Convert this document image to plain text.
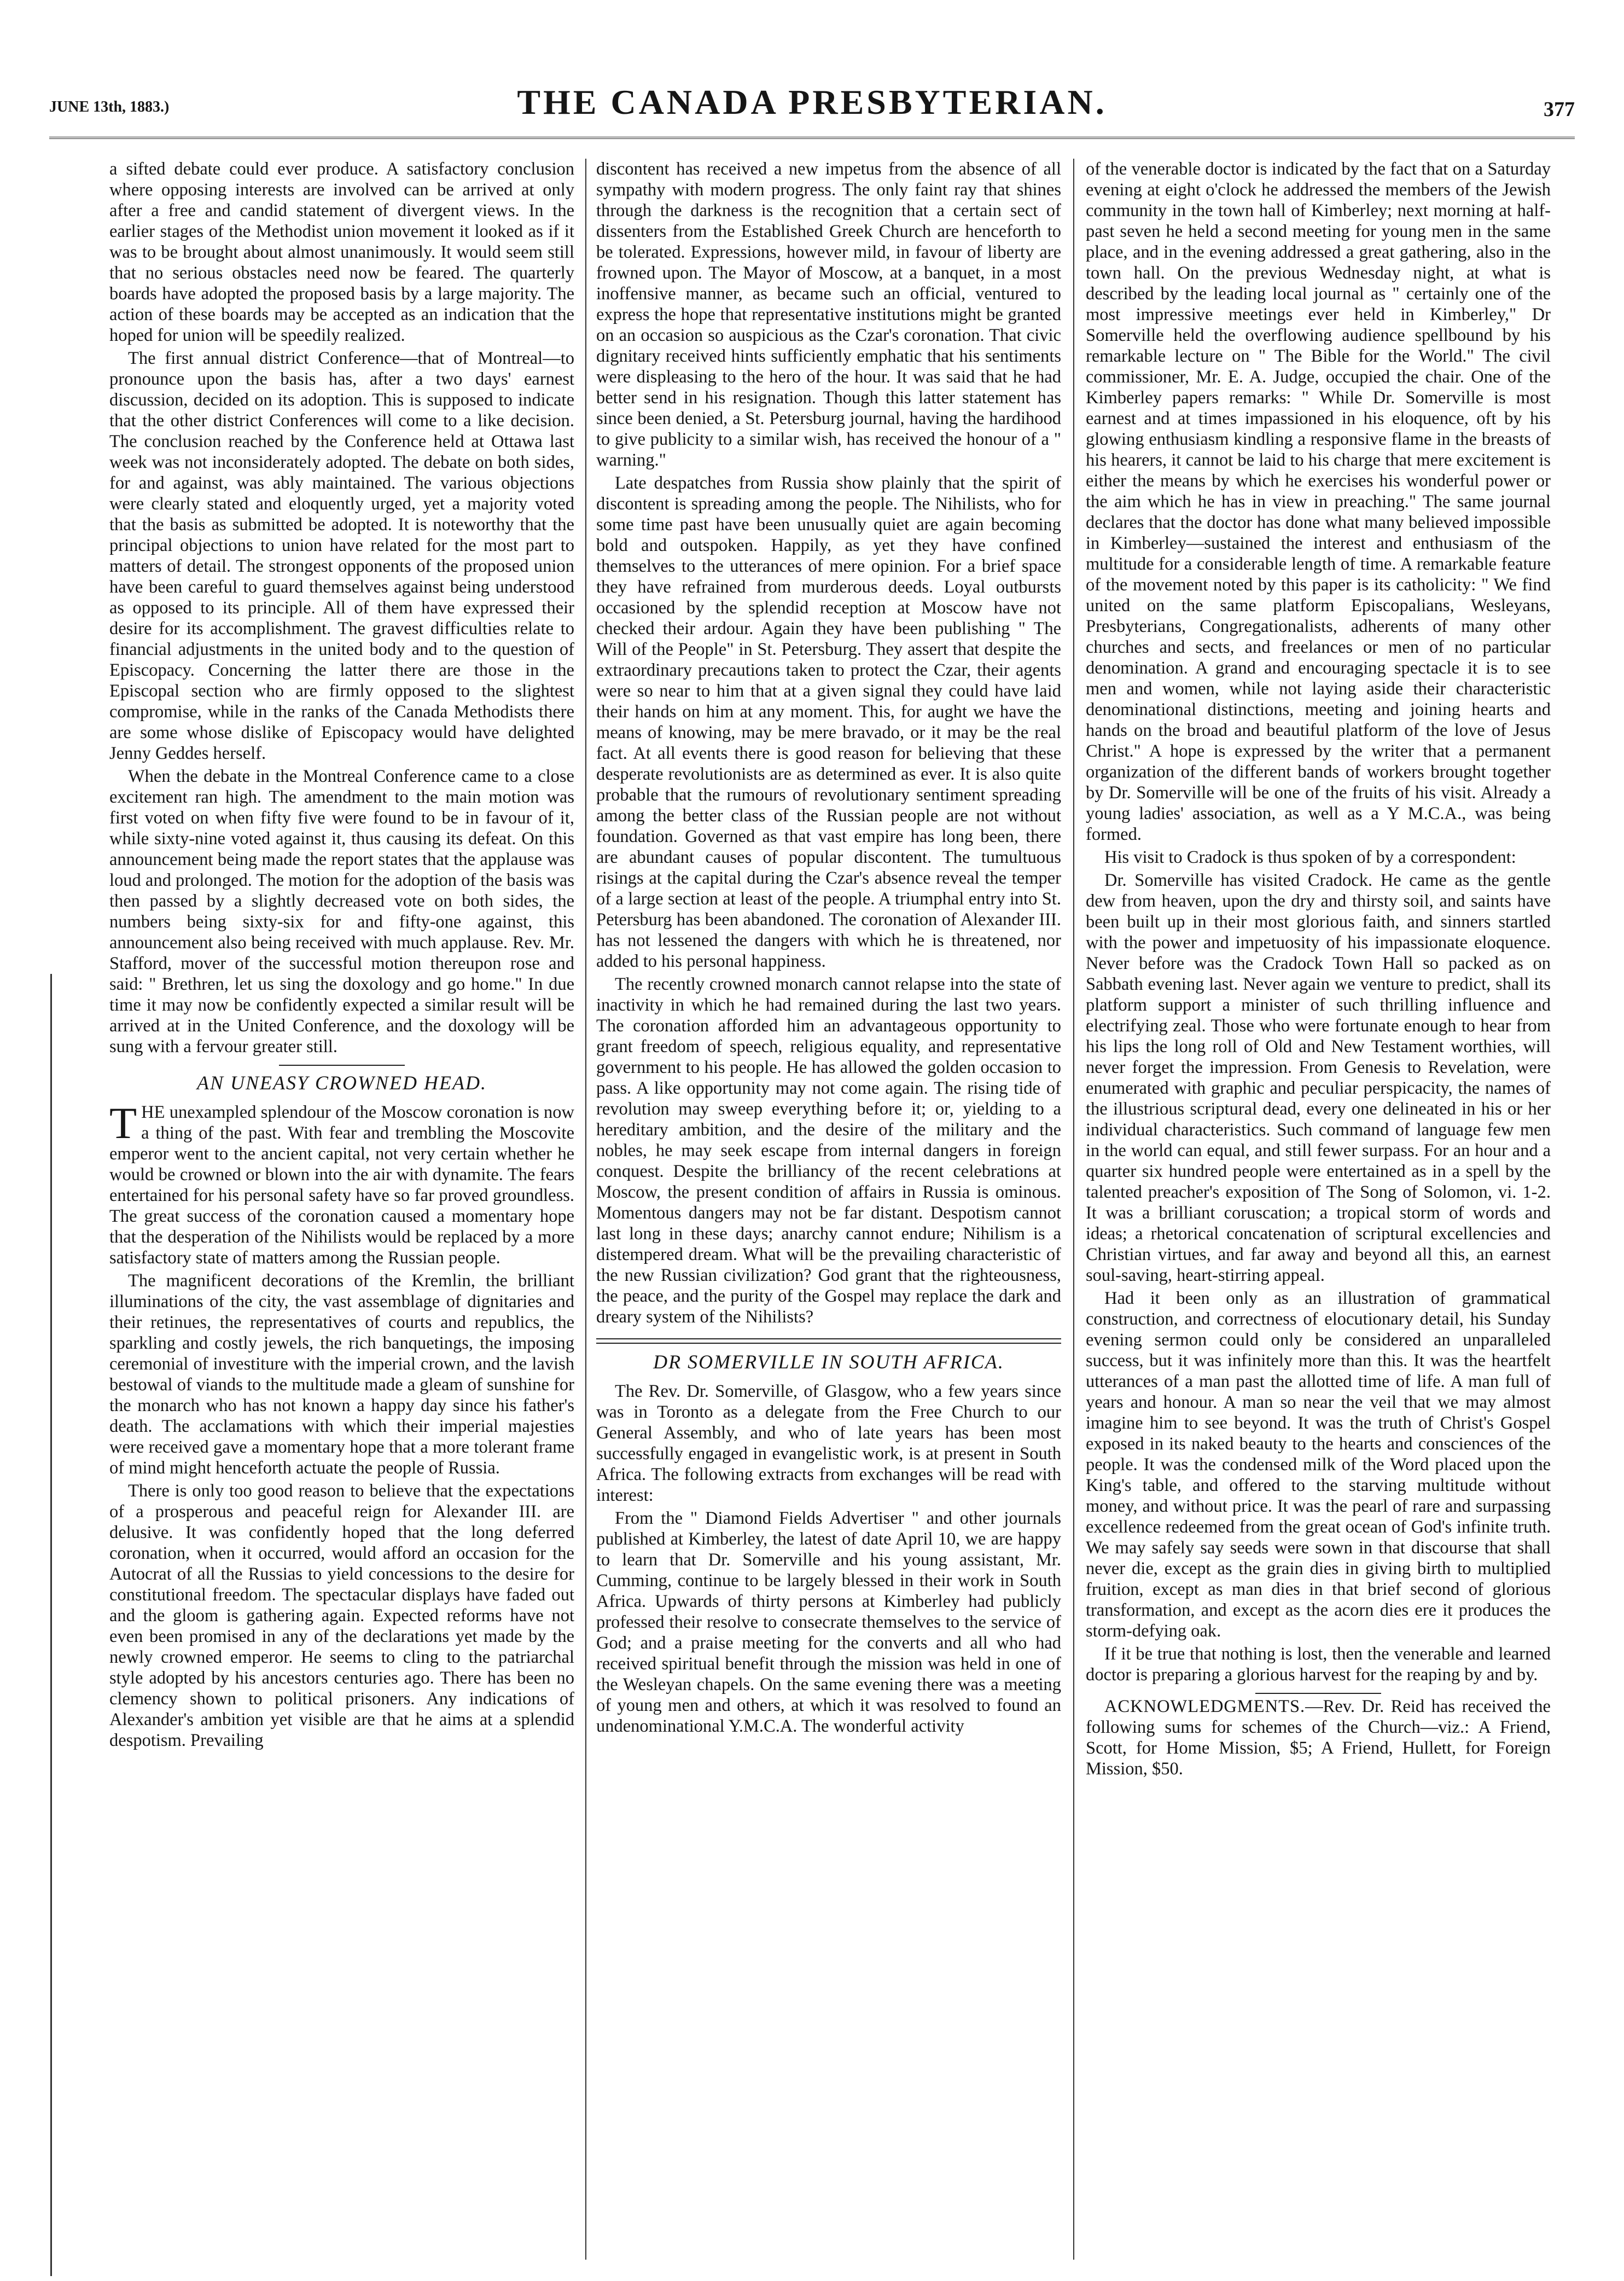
JUNE 13th, 1883.)	THE CANADA PRESBYTERIAN.	377

a sifted debate could ever produce. A satisfactory conclusion where opposing interests are involved can be arrived at only after a free and candid statement of divergent views. In the earlier stages of the Methodist union movement it looked as if it was to be brought about almost unanimously. It would seem still that no serious obstacles need now be feared. The quarterly boards have adopted the proposed basis by a large majority. The action of these boards may be accepted as an indication that the hoped for union will be speedily realized.

The first annual district Conference—that of Montreal—to pronounce upon the basis has, after a two days' earnest discussion, decided on its adoption. This is supposed to indicate that the other district Conferences will come to a like decision. The conclusion reached by the Conference held at Ottawa last week was not inconsiderately adopted. The debate on both sides, for and against, was ably maintained. The various objections were clearly stated and eloquently urged, yet a majority voted that the basis as submitted be adopted. It is noteworthy that the principal objections to union have related for the most part to matters of detail. The strongest opponents of the proposed union have been careful to guard themselves against being understood as opposed to its principle. All of them have expressed their desire for its accomplishment. The gravest difficulties relate to financial adjustments in the united body and to the question of Episcopacy. Concerning the latter there are those in the Episcopal section who are firmly opposed to the slightest compromise, while in the ranks of the Canada Methodists there are some whose dislike of Episcopacy would have delighted Jenny Geddes herself.

When the debate in the Montreal Conference came to a close excitement ran high. The amendment to the main motion was first voted on when fifty five were found to be in favour of it, while sixty-nine voted against it, thus causing its defeat. On this announcement being made the report states that the applause was loud and prolonged. The motion for the adoption of the basis was then passed by a slightly decreased vote on both sides, the numbers being sixty-six for and fifty-one against, this announcement also being received with much applause. Rev. Mr. Stafford, mover of the successful motion thereupon rose and said: " Brethren, let us sing the doxology and go home." In due time it may now be confidently expected a similar result will be arrived at in the United Conference, and the doxology will be sung with a fervour greater still.

AN UNEASY CROWNED HEAD.

THE unexampled splendour of the Moscow coronation is now a thing of the past. With fear and trembling the Moscovite emperor went to the ancient capital, not very certain whether he would be crowned or blown into the air with dynamite. The fears entertained for his personal safety have so far proved groundless. The great success of the coronation caused a momentary hope that the desperation of the Nihilists would be replaced by a more satisfactory state of matters among the Russian people.

The magnificent decorations of the Kremlin, the brilliant illuminations of the city, the vast assemblage of dignitaries and their retinues, the representatives of courts and republics, the sparkling and costly jewels, the rich banquetings, the imposing ceremonial of investiture with the imperial crown, and the lavish bestowal of viands to the multitude made a gleam of sunshine for the monarch who has not known a happy day since his father's death. The acclamations with which their imperial majesties were received gave a momentary hope that a more tolerant frame of mind might henceforth actuate the people of Russia.

There is only too good reason to believe that the expectations of a prosperous and peaceful reign for Alexander III. are delusive. It was confidently hoped that the long deferred coronation, when it occurred, would afford an occasion for the Autocrat of all the Russias to yield concessions to the desire for constitutional freedom. The spectacular displays have faded out and the gloom is gathering again. Expected reforms have not even been promised in any of the declarations yet made by the newly crowned emperor. He seems to cling to the patriarchal style adopted by his ancestors centuries ago. There has been no clemency shown to political prisoners. Any indications of Alexander's ambition yet visible are that he aims at a splendid despotism. Prevailing

discontent has received a new impetus from the absence of all sympathy with modern progress. The only faint ray that shines through the darkness is the recognition that a certain sect of dissenters from the Established Greek Church are henceforth to be tolerated. Expressions, however mild, in favour of liberty are frowned upon. The Mayor of Moscow, at a banquet, in a most inoffensive manner, as became such an official, ventured to express the hope that representative institutions might be granted on an occasion so auspicious as the Czar's coronation. That civic dignitary received hints sufficiently emphatic that his sentiments were displeasing to the hero of the hour. It was said that he had better send in his resignation. Though this latter statement has since been denied, a St. Petersburg journal, having the hardihood to give publicity to a similar wish, has received the honour of a " warning."

Late despatches from Russia show plainly that the spirit of discontent is spreading among the people. The Nihilists, who for some time past have been unusually quiet are again becoming bold and outspoken. Happily, as yet they have confined themselves to the utterances of mere opinion. For a brief space they have refrained from murderous deeds. Loyal outbursts occasioned by the splendid reception at Moscow have not checked their ardour. Again they have been publishing " The Will of the People" in St. Petersburg. They assert that despite the extraordinary precautions taken to protect the Czar, their agents were so near to him that at a given signal they could have laid their hands on him at any moment. This, for aught we have the means of knowing, may be mere bravado, or it may be the real fact. At all events there is good reason for believing that these desperate revolutionists are as determined as ever. It is also quite probable that the rumours of revolutionary sentiment spreading among the better class of the Russian people are not without foundation. Governed as that vast empire has long been, there are abundant causes of popular discontent. The tumultuous risings at the capital during the Czar's absence reveal the temper of a large section at least of the people. A triumphal entry into St. Petersburg has been abandoned. The coronation of Alexander III. has not lessened the dangers with which he is threatened, nor added to his personal happiness.

The recently crowned monarch cannot relapse into the state of inactivity in which he had remained during the last two years. The coronation afforded him an advantageous opportunity to grant freedom of speech, religious equality, and representative government to his people. He has allowed the golden occasion to pass. A like opportunity may not come again. The rising tide of revolution may sweep everything before it; or, yielding to a hereditary ambition, and the desire of the military and the nobles, he may seek escape from internal dangers in foreign conquest. Despite the brilliancy of the recent celebrations at Moscow, the present condition of affairs in Russia is ominous. Momentous dangers may not be far distant. Despotism cannot last long in these days; anarchy cannot endure; Nihilism is a distempered dream. What will be the prevailing characteristic of the new Russian civilization? God grant that the righteousness, the peace, and the purity of the Gospel may replace the dark and dreary system of the Nihilists?

DR SOMERVILLE IN SOUTH AFRICA.

The Rev. Dr. Somerville, of Glasgow, who a few years since was in Toronto as a delegate from the Free Church to our General Assembly, and who of late years has been most successfully engaged in evangelistic work, is at present in South Africa. The following extracts from exchanges will be read with interest:

From the " Diamond Fields Advertiser " and other journals published at Kimberley, the latest of date April 10, we are happy to learn that Dr. Somerville and his young assistant, Mr. Cumming, continue to be largely blessed in their work in South Africa. Upwards of thirty persons at Kimberley had publicly professed their resolve to consecrate themselves to the service of God; and a praise meeting for the converts and all who had received spiritual benefit through the mission was held in one of the Wesleyan chapels. On the same evening there was a meeting of young men and others, at which it was resolved to found an undenominational Y.M.C.A. The wonderful activity

of the venerable doctor is indicated by the fact that on a Saturday evening at eight o'clock he addressed the members of the Jewish community in the town hall of Kimberley; next morning at half-past seven he held a second meeting for young men in the same place, and in the evening addressed a great gathering, also in the town hall. On the previous Wednesday night, at what is described by the leading local journal as " certainly one of the most impressive meetings ever held in Kimberley," Dr Somerville held the overflowing audience spellbound by his remarkable lecture on " The Bible for the World." The civil commissioner, Mr. E. A. Judge, occupied the chair. One of the Kimberley papers remarks: " While Dr. Somerville is most earnest and at times impassioned in his eloquence, oft by his glowing enthusiasm kindling a responsive flame in the breasts of his hearers, it cannot be laid to his charge that mere excitement is either the means by which he exercises his wonderful power or the aim which he has in view in preaching." The same journal declares that the doctor has done what many believed impossible in Kimberley—sustained the interest and enthusiasm of the multitude for a considerable length of time. A remarkable feature of the movement noted by this paper is its catholicity: " We find united on the same platform Episcopalians, Wesleyans, Presbyterians, Congregationalists, adherents of many other churches and sects, and freelances or men of no particular denomination. A grand and encouraging spectacle it is to see men and women, while not laying aside their characteristic denominational distinctions, meeting and joining hearts and hands on the broad and beautiful platform of the love of Jesus Christ." A hope is expressed by the writer that a permanent organization of the different bands of workers brought together by Dr. Somerville will be one of the fruits of his visit. Already a young ladies' association, as well as a Y M.C.A., was being formed.

His visit to Cradock is thus spoken of by a correspondent:

Dr. Somerville has visited Cradock. He came as the gentle dew from heaven, upon the dry and thirsty soil, and saints have been built up in their most glorious faith, and sinners startled with the power and impetuosity of his impassionate eloquence. Never before was the Cradock Town Hall so packed as on Sabbath evening last. Never again we venture to predict, shall its platform support a minister of such thrilling influence and electrifying zeal. Those who were fortunate enough to hear from his lips the long roll of Old and New Testament worthies, will never forget the impression. From Genesis to Revelation, were enumerated with graphic and peculiar perspicacity, the names of the illustrious scriptural dead, every one delineated in his or her individual characteristics. Such command of language few men in the world can equal, and still fewer surpass. For an hour and a quarter six hundred people were entertained as in a spell by the talented preacher's exposition of The Song of Solomon, vi. 1-2. It was a brilliant coruscation; a tropical storm of words and ideas; a rhetorical concatenation of scriptural excellencies and Christian virtues, and far away and beyond all this, an earnest soul-saving, heart-stirring appeal.

Had it been only as an illustration of grammatical construction, and correctness of elocutionary detail, his Sunday evening sermon could only be considered an unparalleled success, but it was infinitely more than this. It was the heartfelt utterances of a man past the allotted time of life. A man full of years and honour. A man so near the veil that we may almost imagine him to see beyond. It was the truth of Christ's Gospel exposed in its naked beauty to the hearts and consciences of the people. It was the condensed milk of the Word placed upon the King's table, and offered to the starving multitude without money, and without price. It was the pearl of rare and surpassing excellence redeemed from the great ocean of God's infinite truth. We may safely say seeds were sown in that discourse that shall never die, except as the grain dies in giving birth to multiplied fruition, except as man dies in that brief second of glorious transformation, and except as the acorn dies ere it produces the storm-defying oak.

If it be true that nothing is lost, then the venerable and learned doctor is preparing a glorious harvest for the reaping by and by.

ACKNOWLEDGMENTS.—Rev. Dr. Reid has received the following sums for schemes of the Church—viz.: A Friend, Scott, for Home Mission, $5; A Friend, Hullett, for Foreign Mission, $50.
